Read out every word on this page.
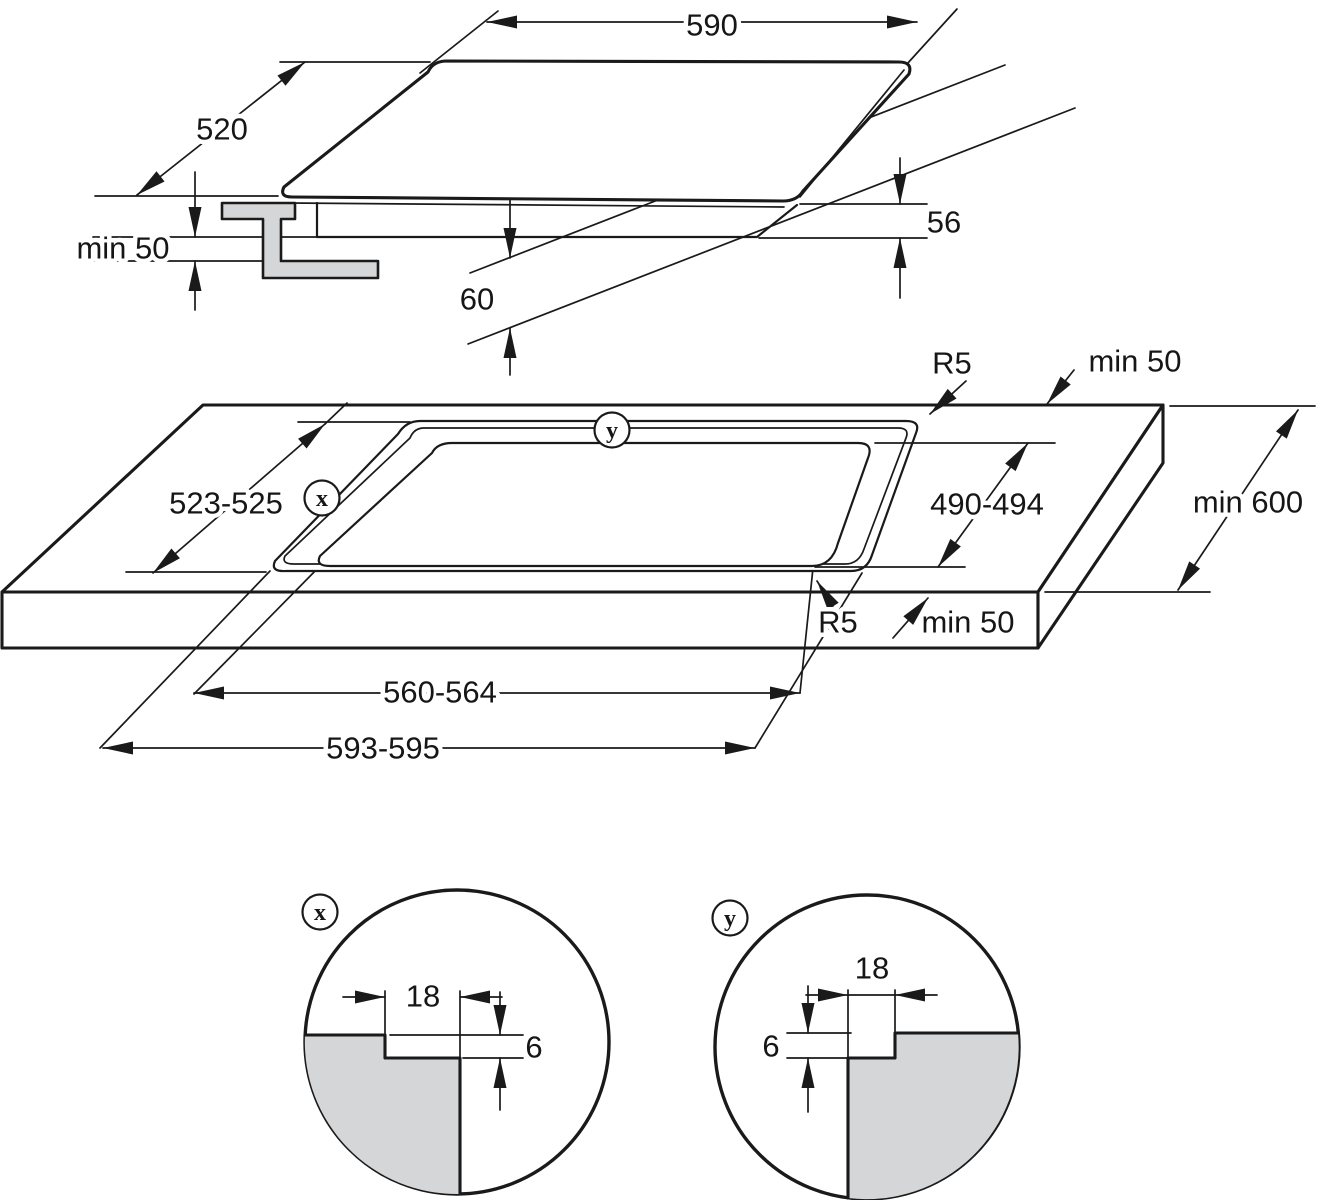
590
520
min 50
60
56
x
y
R5	min 50
min 600
523-525	490-494
R5 min 50
560-564
593-595
x
18
6
y
18
6
